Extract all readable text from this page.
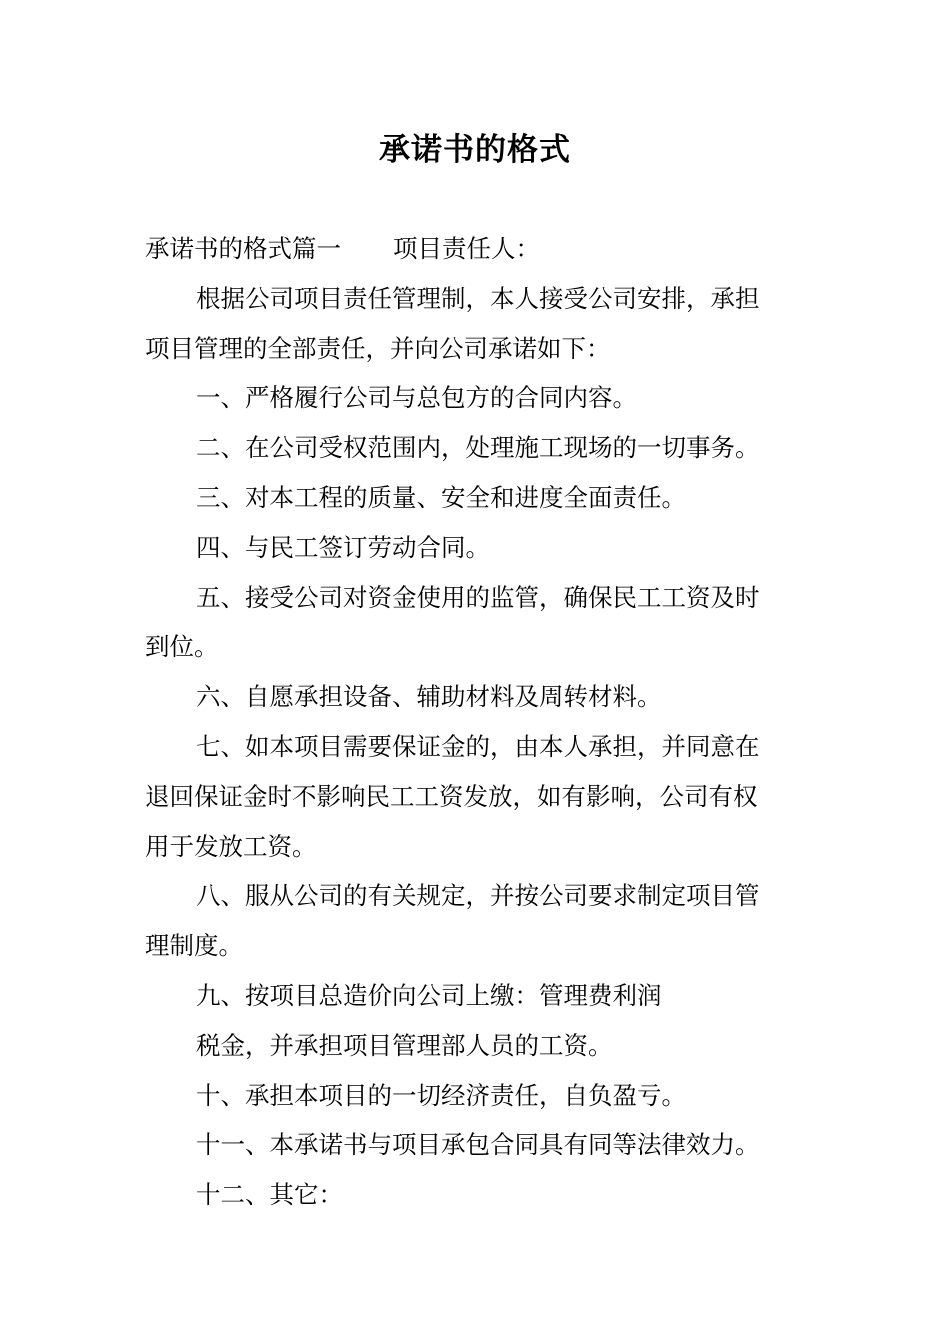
承诺书的格式
承诺书的格式篇一 项目责任人：
根据公司项目责任管理制，本人接受公司安排，承担
项目管理的全部责任，并向公司承诺如下：
一、严格履行公司与总包方的合同内容。
二、在公司受权范围内，处理施工现场的一切事务。
三、对本工程的质量、安全和进度全面责任。
四、与民工签订劳动合同。
五、接受公司对资金使用的监管，确保民工工资及时
到位。
六、自愿承担设备、辅助材料及周转材料。
七、如本项目需要保证金的，由本人承担，并同意在
退回保证金时不影响民工工资发放，如有影响，公司有权
用于发放工资。
八、服从公司的有关规定，并按公司要求制定项目管
理制度。
九、按项目总造价向公司上缴：管理费利润
税金，并承担项目管理部人员的工资。
十、承担本项目的一切经济责任，自负盈亏。
十一、本承诺书与项目承包合同具有同等法律效力。
十二、其它：
